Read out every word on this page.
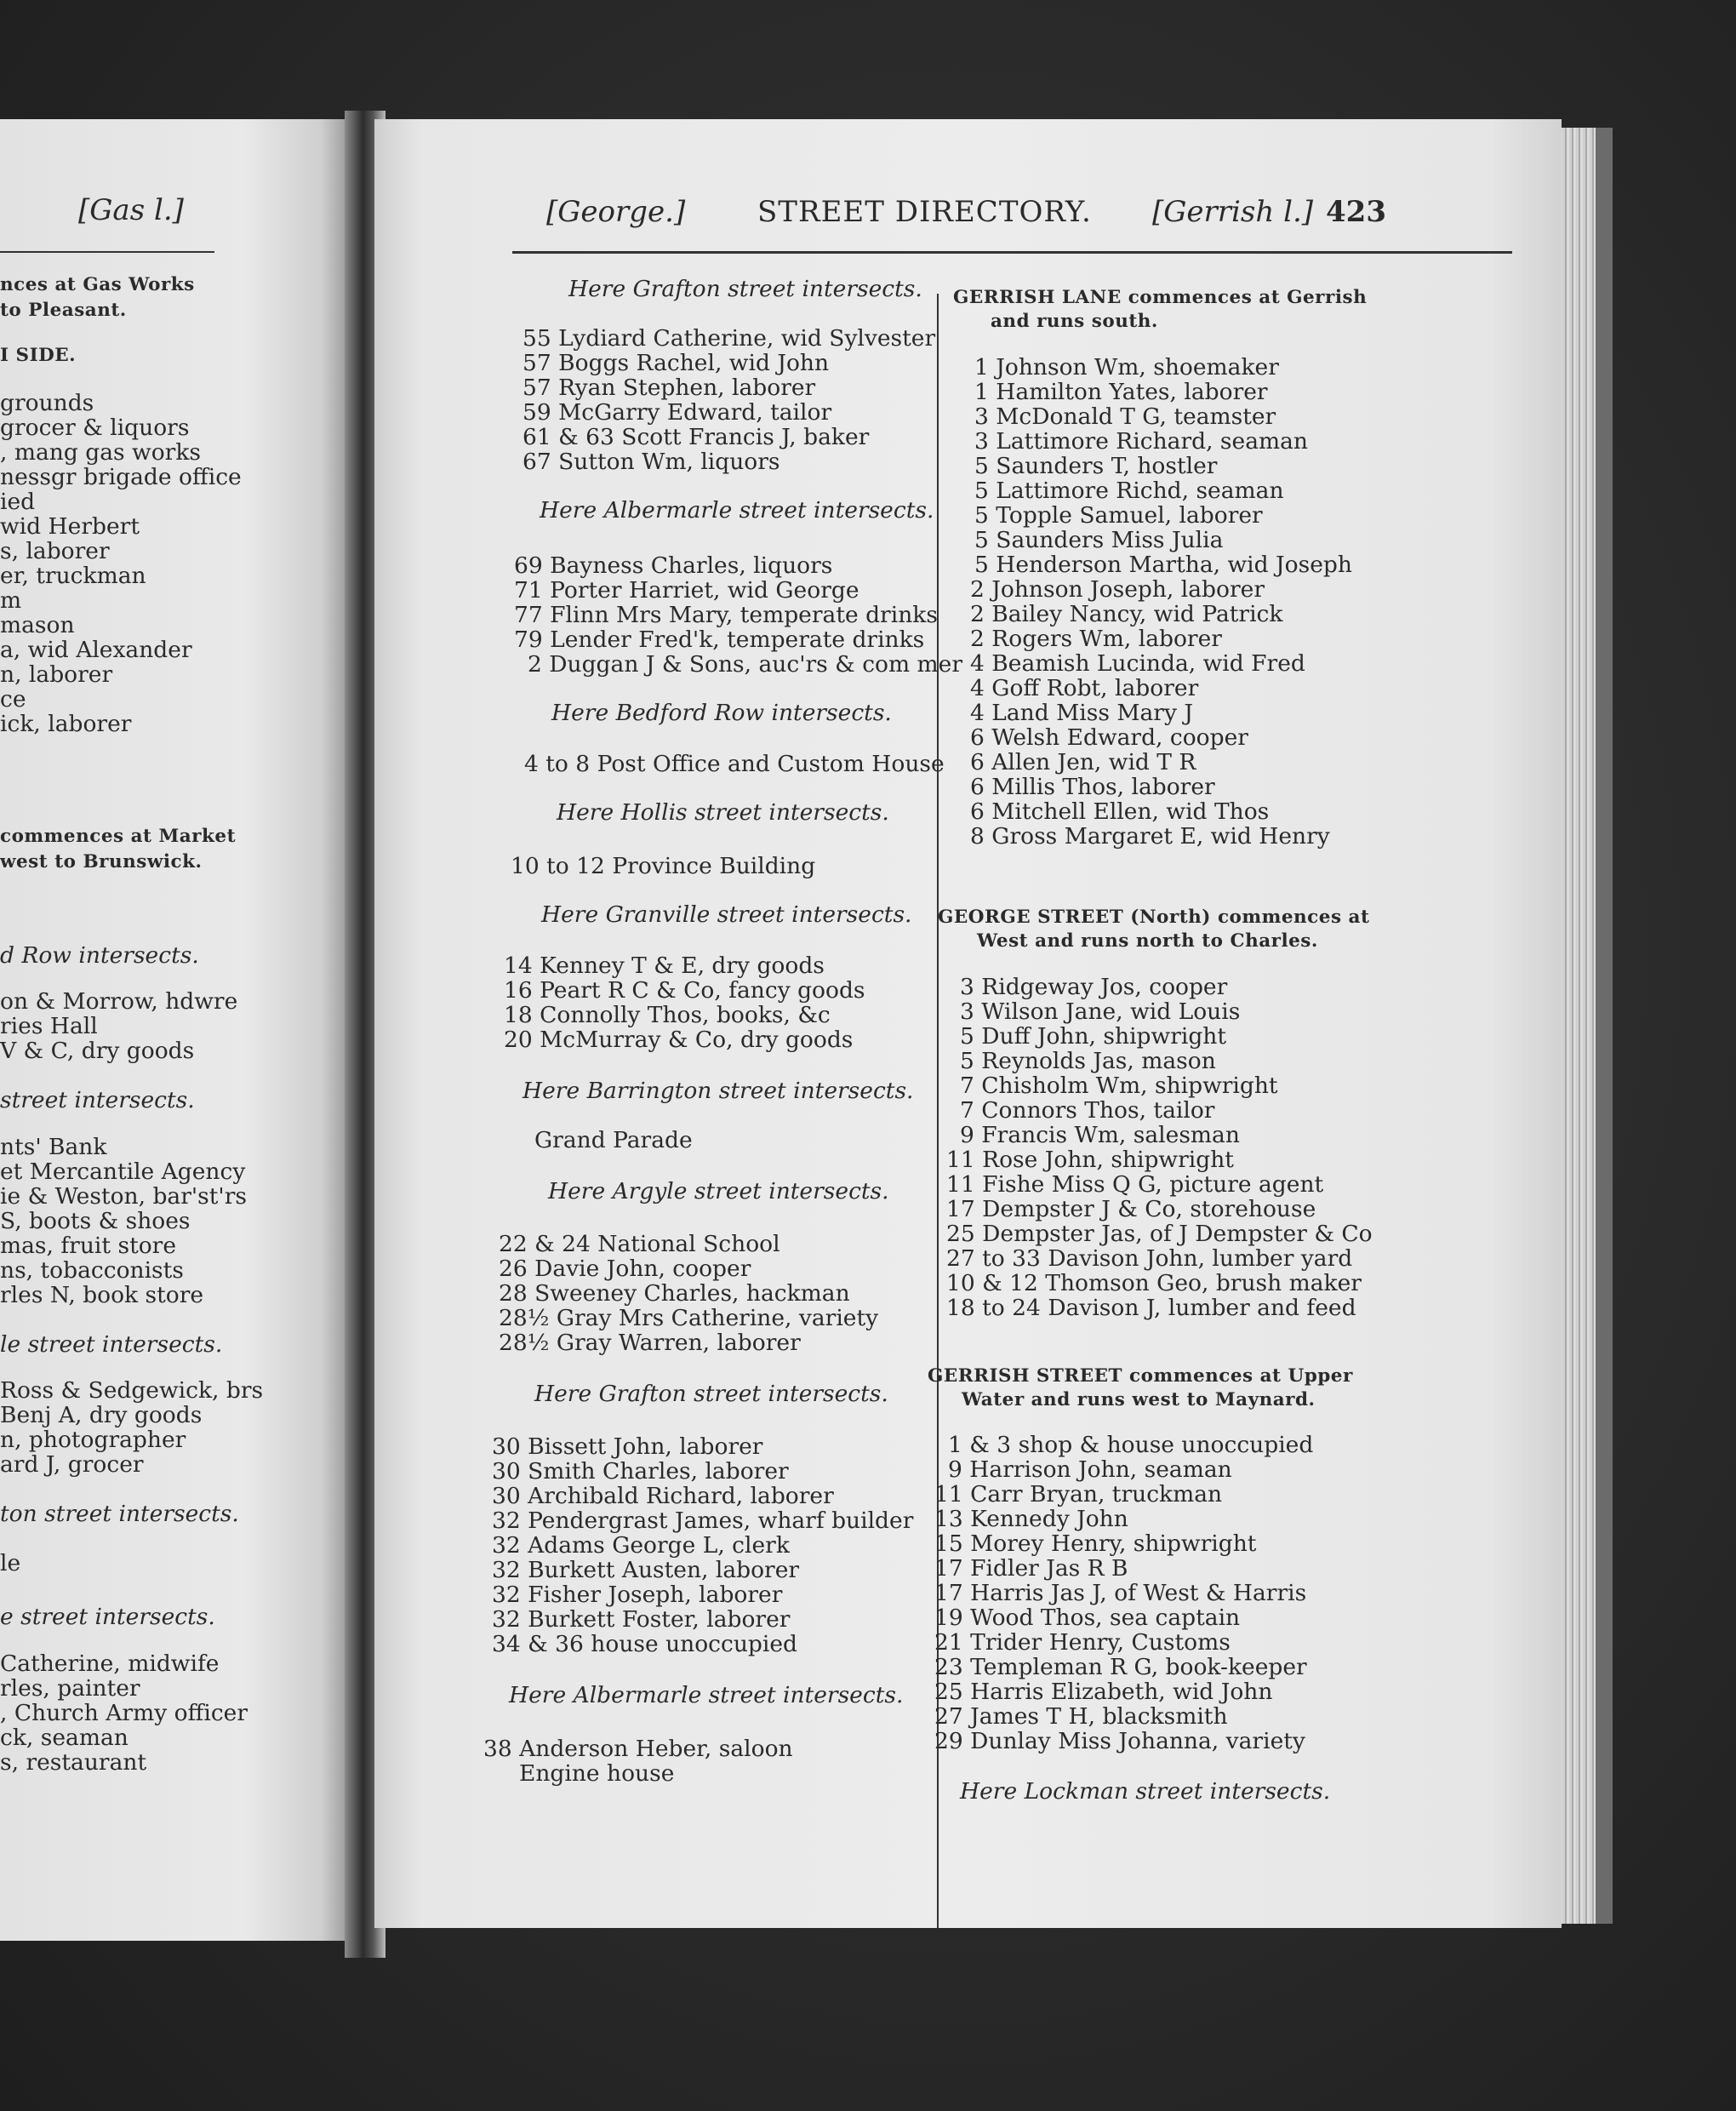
[Gas l.]
nces at Gas Works
to Pleasant.
I SIDE.
grounds
grocer & liquors
, mang gas works
nessgr brigade office
ied
wid Herbert
s, laborer
er, truckman
m
mason
a, wid Alexander
n, laborer
ce
ick, laborer
commences at Market
west to Brunswick.
d Row intersects.
on & Morrow, hdwre
ries Hall
V & C, dry goods
street intersects.
nts' Bank
et Mercantile Agency
ie & Weston, bar'st'rs
S, boots & shoes
mas, fruit store
ns, tobacconists
rles N, book store
le street intersects.
Ross & Sedgewick, brs
Benj A, dry goods
n, photographer
ard J, grocer
ton street intersects.
le
e street intersects.
Catherine, midwife
rles, painter
, Church Army officer
ck, seaman
s, restaurant
[George.] STREET DIRECTORY. [Gerrish l.] 423
Here Grafton street intersects.
55 Lydiard Catherine, wid Sylvester
57 Boggs Rachel, wid John
57 Ryan Stephen, laborer
59 McGarry Edward, tailor
61 & 63 Scott Francis J, baker
67 Sutton Wm, liquors
Here Albermarle street intersects.
69 Bayness Charles, liquors
71 Porter Harriet, wid George
77 Flinn Mrs Mary, temperate drinks
79 Lender Fred'k, temperate drinks
2 Duggan J & Sons, auc'rs & com mer
Here Bedford Row intersects.
4 to 8 Post Office and Custom House
Here Hollis street intersects.
10 to 12 Province Building
Here Granville street intersects.
14 Kenney T & E, dry goods
16 Peart R C & Co, fancy goods
18 Connolly Thos, books, &c
20 McMurray & Co, dry goods
Here Barrington street intersects.
Grand Parade
Here Argyle street intersects.
22 & 24 National School
26 Davie John, cooper
28 Sweeney Charles, hackman
28½ Gray Mrs Catherine, variety
28½ Gray Warren, laborer
Here Grafton street intersects.
30 Bissett John, laborer
30 Smith Charles, laborer
30 Archibald Richard, laborer
32 Pendergrast James, wharf builder
32 Adams George L, clerk
32 Burkett Austen, laborer
32 Fisher Joseph, laborer
32 Burkett Foster, laborer
34 & 36 house unoccupied
Here Albermarle street intersects.
38 Anderson Heber, saloon
Engine house
GERRISH LANE commences at Gerrish
and runs south.
1 Johnson Wm, shoemaker
1 Hamilton Yates, laborer
3 McDonald T G, teamster
3 Lattimore Richard, seaman
5 Saunders T, hostler
5 Lattimore Richd, seaman
5 Topple Samuel, laborer
5 Saunders Miss Julia
5 Henderson Martha, wid Joseph
2 Johnson Joseph, laborer
2 Bailey Nancy, wid Patrick
2 Rogers Wm, laborer
4 Beamish Lucinda, wid Fred
4 Goff Robt, laborer
4 Land Miss Mary J
6 Welsh Edward, cooper
6 Allen Jen, wid T R
6 Millis Thos, laborer
6 Mitchell Ellen, wid Thos
8 Gross Margaret E, wid Henry
GEORGE STREET (North) commences at
West and runs north to Charles.
3 Ridgeway Jos, cooper
3 Wilson Jane, wid Louis
5 Duff John, shipwright
5 Reynolds Jas, mason
7 Chisholm Wm, shipwright
7 Connors Thos, tailor
9 Francis Wm, salesman
11 Rose John, shipwright
11 Fishe Miss Q G, picture agent
17 Dempster J & Co, storehouse
25 Dempster Jas, of J Dempster & Co
27 to 33 Davison John, lumber yard
10 & 12 Thomson Geo, brush maker
18 to 24 Davison J, lumber and feed
GERRISH STREET commences at Upper
Water and runs west to Maynard.
1 & 3 shop & house unoccupied
9 Harrison John, seaman
11 Carr Bryan, truckman
13 Kennedy John
15 Morey Henry, shipwright
17 Fidler Jas R B
17 Harris Jas J, of West & Harris
19 Wood Thos, sea captain
21 Trider Henry, Customs
23 Templeman R G, book-keeper
25 Harris Elizabeth, wid John
27 James T H, blacksmith
29 Dunlay Miss Johanna, variety
Here Lockman street intersects.
